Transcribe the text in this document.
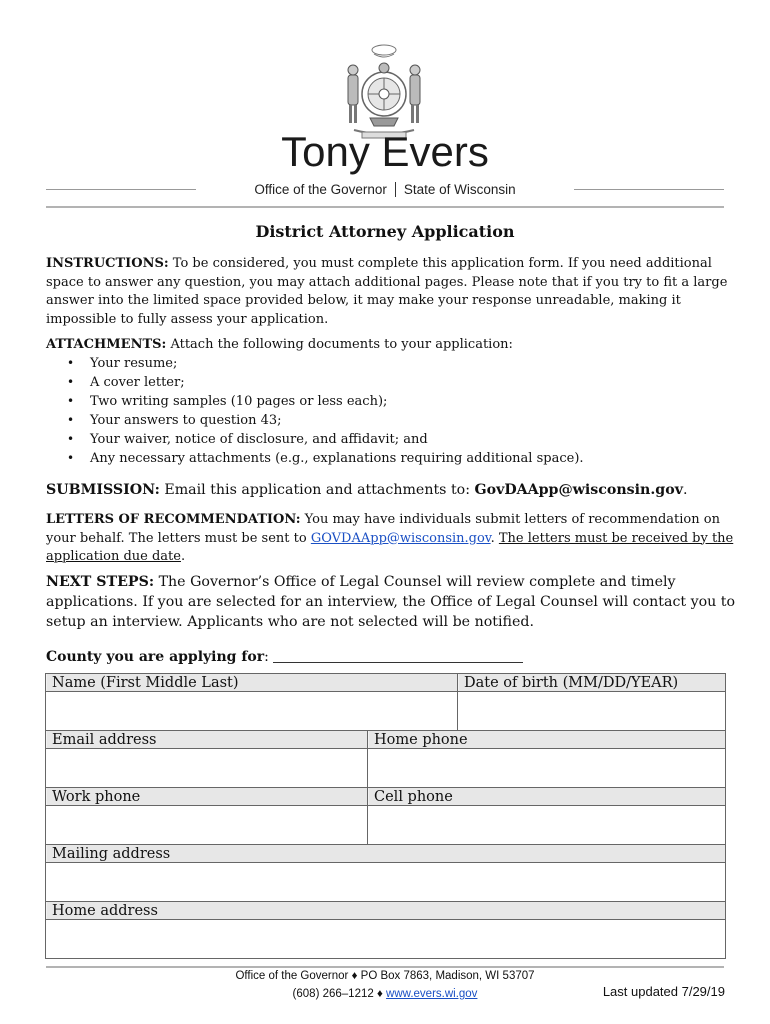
Tony Evers
Office of the Governor State of Wisconsin
District Attorney Application
INSTRUCTIONS: To be considered, you must complete this application form. If you need additional space to answer any question, you may attach additional pages. Please note that if you try to fit a large answer into the limited space provided below, it may make your response unreadable, making it impossible to fully assess your application.
ATTACHMENTS: Attach the following documents to your application:
• Your resume;
• A cover letter;
• Two writing samples (10 pages or less each);
• Your answers to question 43;
• Your waiver, notice of disclosure, and affidavit; and
• Any necessary attachments (e.g., explanations requiring additional space).
SUBMISSION: Email this application and attachments to: GovDAApp@wisconsin.gov.
LETTERS OF RECOMMENDATION: You may have individuals submit letters of recommendation on your behalf. The letters must be sent to GOVDAApp@wisconsin.gov. The letters must be received by the application due date.
NEXT STEPS: The Governor’s Office of Legal Counsel will review complete and timely applications. If you are selected for an interview, the Office of Legal Counsel will contact you to setup an interview. Applicants who are not selected will be notified.
County you are applying for:
Name (First Middle Last)		Date of birth (MM/DD/YEAR)

Email address	Home phone	

Work phone	Cell phone	

Mailing address		

Home address		

Office of the Governor ♦ PO Box 7863, Madison, WI 53707
(608) 266–1212 ♦ www.evers.wi.gov	Last updated 7/29/19
